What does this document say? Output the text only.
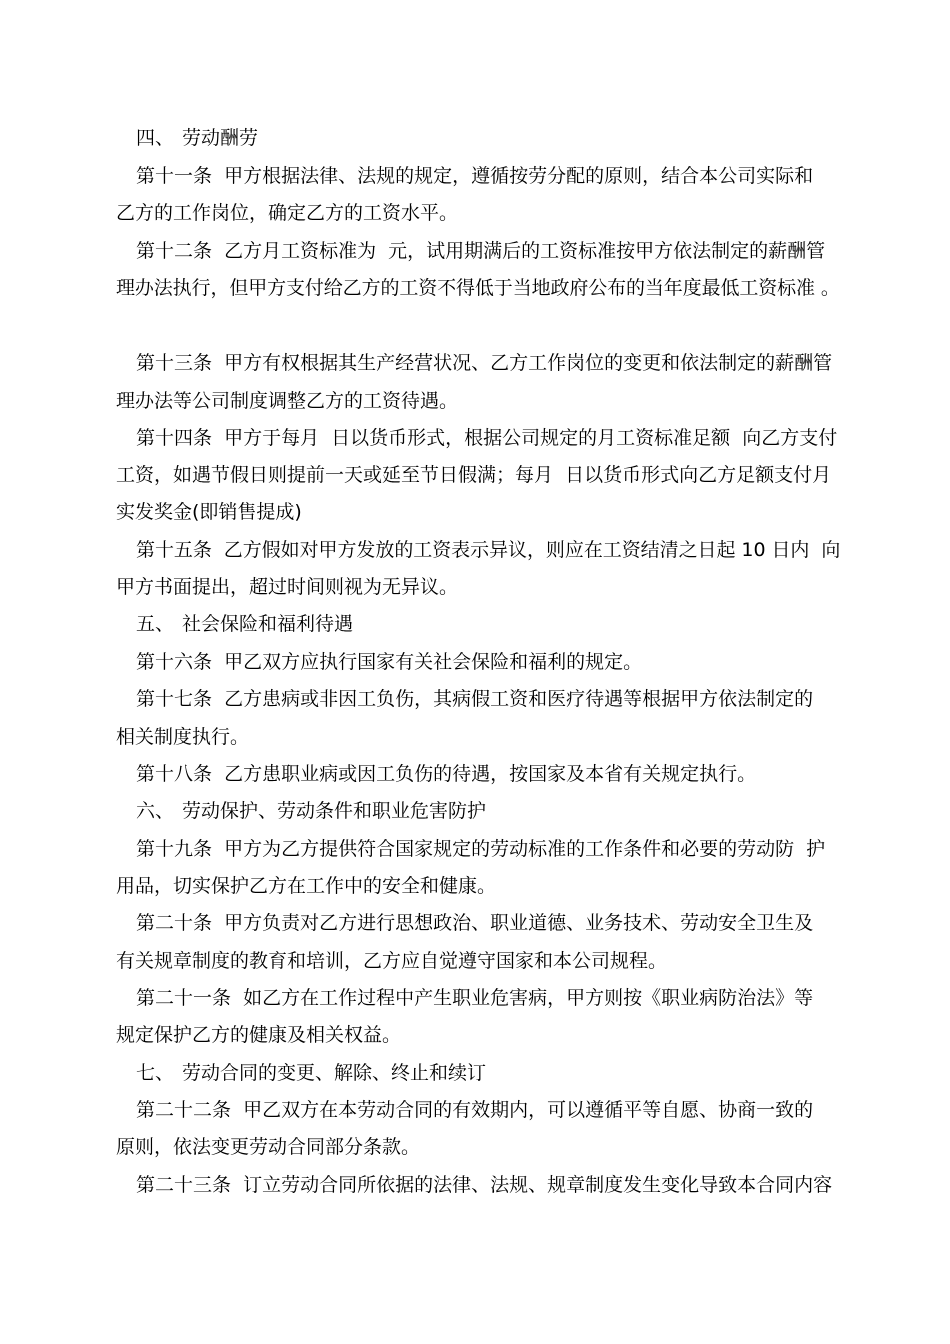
四、 劳动酬劳
第十一条  甲方根据法律、法规的规定，遵循按劳分配的原则，结合本公司实际和
乙方的工作岗位，确定乙方的工资水平。
第十二条  乙方月工资标准为  元，试用期满后的工资标准按甲方依法制定的薪酬管
理办法执行，但甲方支付给乙方的工资不得低于当地政府公布的当年度最低工资标准 。
第十三条  甲方有权根据其生产经营状况、乙方工作岗位的变更和依法制定的薪酬管
理办法等公司制度调整乙方的工资待遇。
第十四条  甲方于每月  日以货币形式，根据公司规定的月工资标准足额  向乙方支付
工资，如遇节假日则提前一天或延至节日假满；每月  日以货币形式向乙方足额支付月
实发奖金(即销售提成)
第十五条  乙方假如对甲方发放的工资表示异议，则应在工资结清之日起 10 日内  向
甲方书面提出，超过时间则视为无异议。
五、 社会保险和福利待遇
第十六条  甲乙双方应执行国家有关社会保险和福利的规定。
第十七条  乙方患病或非因工负伤，其病假工资和医疗待遇等根据甲方依法制定的
相关制度执行。
第十八条  乙方患职业病或因工负伤的待遇，按国家及本省有关规定执行。
六、 劳动保护、劳动条件和职业危害防护
第十九条  甲方为乙方提供符合国家规定的劳动标准的工作条件和必要的劳动防  护
用品，切实保护乙方在工作中的安全和健康。
第二十条  甲方负责对乙方进行思想政治、职业道德、业务技术、劳动安全卫生及
有关规章制度的教育和培训，乙方应自觉遵守国家和本公司规程。
第二十一条  如乙方在工作过程中产生职业危害病，甲方则按《职业病防治法》等
规定保护乙方的健康及相关权益。
七、 劳动合同的变更、解除、终止和续订
第二十二条  甲乙双方在本劳动合同的有效期内，可以遵循平等自愿、协商一致的
原则，依法变更劳动合同部分条款。
第二十三条  订立劳动合同所依据的法律、法规、规章制度发生变化导致本合同内容
